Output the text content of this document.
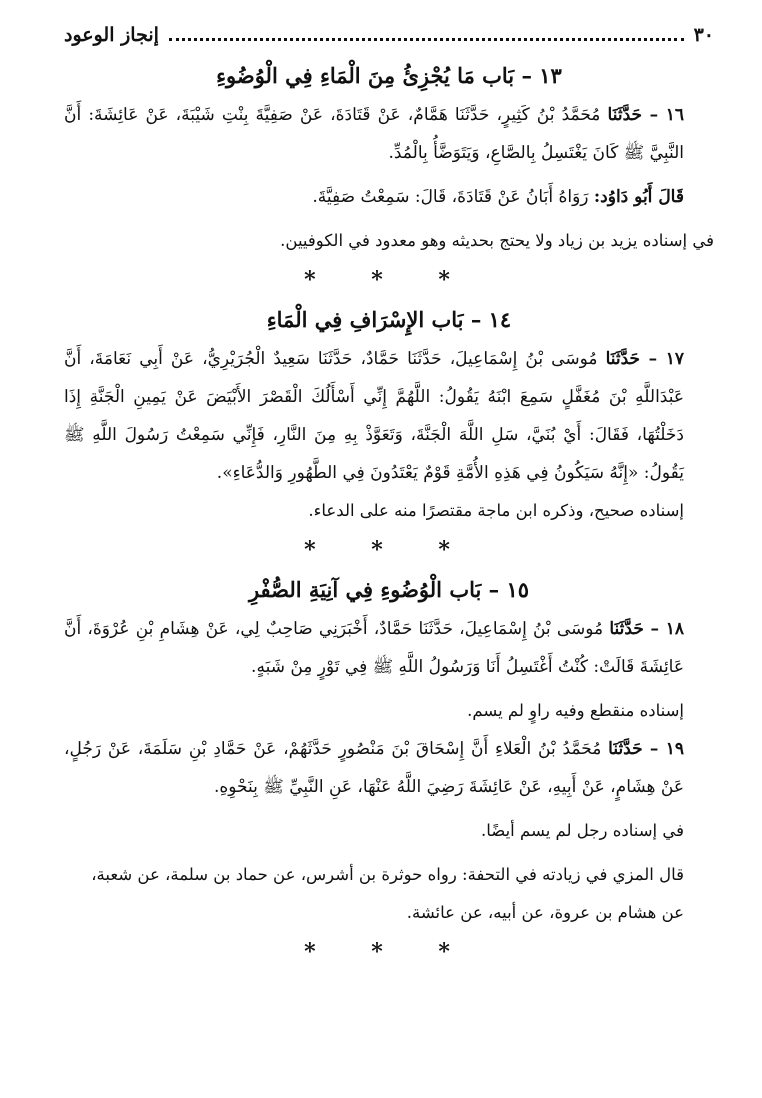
٣٠
إنجاز الوعود
١٣ – بَاب مَا يُجْزِئُ مِنَ الْمَاءِ فِي الْوُضُوءِ

١٦ – حَدَّثَنَا مُحَمَّدُ بْنُ كَثِيرٍ، حَدَّثَنَا هَمَّامٌ، عَنْ قَتَادَةَ، عَنْ صَفِيَّةَ بِنْتِ شَيْبَةَ، عَنْ عَائِشَةَ: أَنَّ النَّبِيَّ ﷺ كَانَ يَغْتَسِلُ بِالصَّاعِ، وَيَتَوَضَّأُ بِالْمُدِّ.

قَالَ أَبُو دَاوُد: رَوَاهُ أَبَانُ عَنْ قَتَادَةَ، قَالَ: سَمِعْتُ صَفِيَّةَ.

في إسناده يزيد بن زياد ولا يحتج بحديثه وهو معدود في الكوفيين.

* * *

١٤ – بَاب الإِسْرَافِ فِي الْمَاءِ

١٧ – حَدَّثَنَا مُوسَى بْنُ إِسْمَاعِيلَ، حَدَّثَنَا حَمَّادٌ، حَدَّثَنَا سَعِيدٌ الْجُرَيْرِيُّ، عَنْ أَبِي نَعَامَةَ، أَنَّ عَبْدَاللَّهِ بْنَ مُغَفَّلٍ سَمِعَ ابْنَهُ يَقُولُ: اللَّهُمَّ إِنِّي أَسْأَلُكَ الْقَصْرَ الأَبْيَضَ عَنْ يَمِينِ الْجَنَّةِ إِذَا دَخَلْتُهَا، فَقَالَ: أَيْ بُنَيَّ، سَلِ اللَّهَ الْجَنَّةَ، وَتَعَوَّذْ بِهِ مِنَ النَّارِ، فَإِنِّي سَمِعْتُ رَسُولَ اللَّهِ ﷺ يَقُولُ: «إِنَّهُ سَيَكُونُ فِي هَذِهِ الأُمَّةِ قَوْمٌ يَعْتَدُونَ فِي الطَّهُورِ وَالدُّعَاءِ».

إسناده صحيح، وذكره ابن ماجة مقتصرًا منه على الدعاء.

* * *

١٥ – بَاب الْوُضُوءِ فِي آنِيَةِ الصُّفْرِ

١٨ – حَدَّثَنَا مُوسَى بْنُ إِسْمَاعِيلَ، حَدَّثَنَا حَمَّادٌ، أَخْبَرَنِي صَاحِبٌ لِي، عَنْ هِشَامِ بْنِ عُرْوَةَ، أَنَّ عَائِشَةَ قَالَتْ: كُنْتُ أَغْتَسِلُ أَنَا وَرَسُولُ اللَّهِ ﷺ فِي تَوْرٍ مِنْ شَبَهٍ.

إسناده منقطع وفيه راوٍ لم يسم.

١٩ – حَدَّثَنَا مُحَمَّدُ بْنُ الْعَلاءِ أَنَّ إِسْحَاقَ بْنَ مَنْصُورٍ حَدَّثَهُمْ، عَنْ حَمَّادِ بْنِ سَلَمَةَ، عَنْ رَجُلٍ، عَنْ هِشَامٍ، عَنْ أَبِيهِ، عَنْ عَائِشَةَ رَضِيَ اللَّهُ عَنْهَا، عَنِ النَّبِيِّ ﷺ بِنَحْوِهِ.

في إسناده رجل لم يسم أيضًا.

قال المزي في زيادته في التحفة: رواه حوثرة بن أشرس، عن حماد بن سلمة، عن شعبة، عن هشام بن عروة، عن أبيه، عن عائشة.

* * *
